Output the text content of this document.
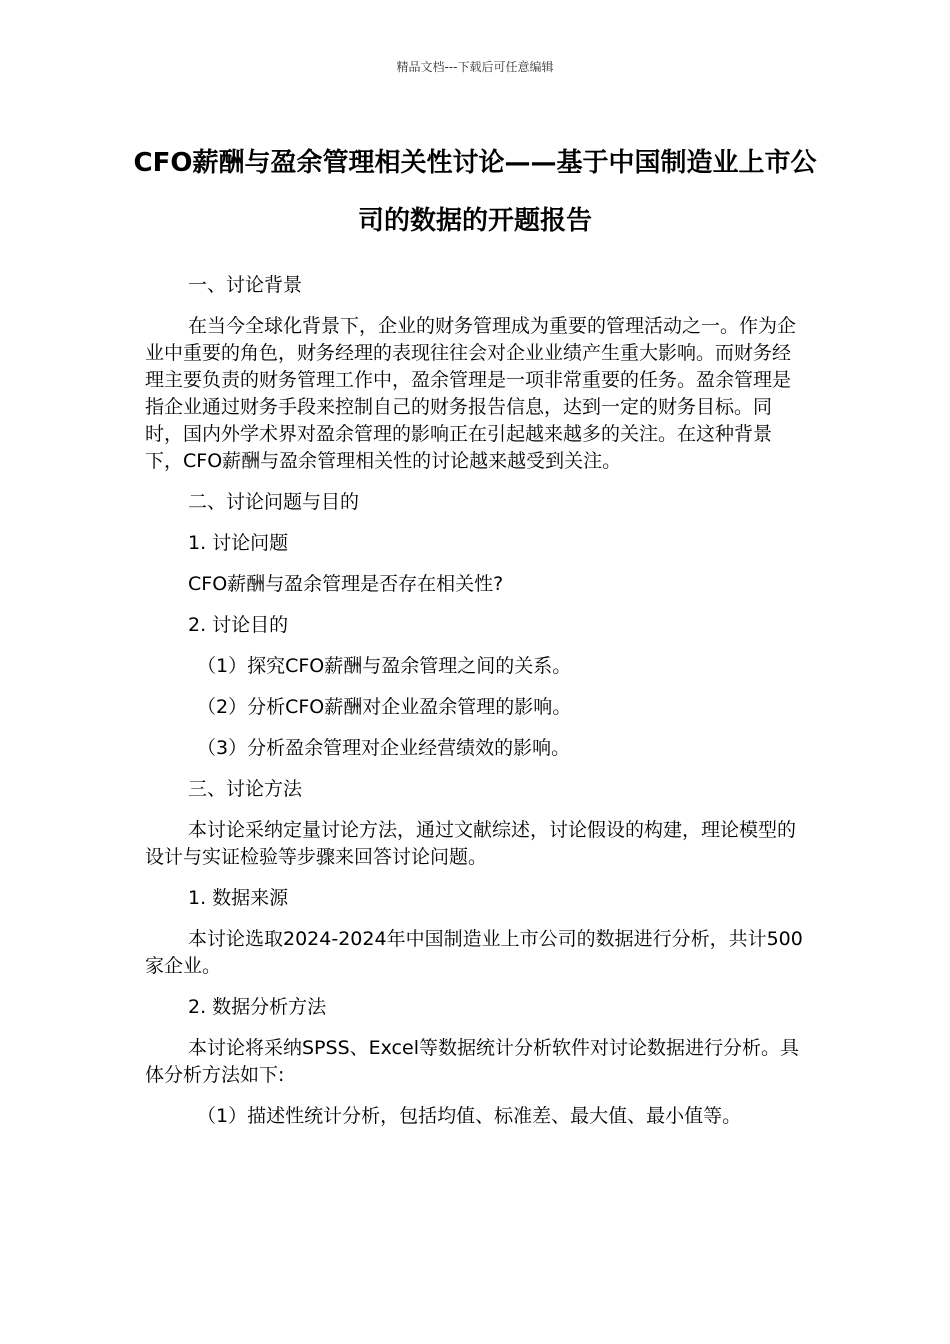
精品文档---下载后可任意编辑
CFO薪酬与盈余管理相关性讨论——基于中国制造业上市公司的数据的开题报告

一、讨论背景

在当今全球化背景下，企业的财务管理成为重要的管理活动之一。作为企业中重要的角色，财务经理的表现往往会对企业业绩产生重大影响。而财务经理主要负责的财务管理工作中，盈余管理是一项非常重要的任务。盈余管理是指企业通过财务手段来控制自己的财务报告信息，达到一定的财务目标。同时，国内外学术界对盈余管理的影响正在引起越来越多的关注。在这种背景下，CFO薪酬与盈余管理相关性的讨论越来越受到关注。

二、讨论问题与目的

1. 讨论问题

CFO薪酬与盈余管理是否存在相关性?

2. 讨论目的

（1）探究CFO薪酬与盈余管理之间的关系。

（2）分析CFO薪酬对企业盈余管理的影响。

（3）分析盈余管理对企业经营绩效的影响。

三、讨论方法

本讨论采纳定量讨论方法，通过文献综述，讨论假设的构建，理论模型的设计与实证检验等步骤来回答讨论问题。

1. 数据来源

本讨论选取2024-2024年中国制造业上市公司的数据进行分析，共计500家企业。

2. 数据分析方法

本讨论将采纳SPSS、Excel等数据统计分析软件对讨论数据进行分析。具体分析方法如下:

（1）描述性统计分析，包括均值、标准差、最大值、最小值等。
